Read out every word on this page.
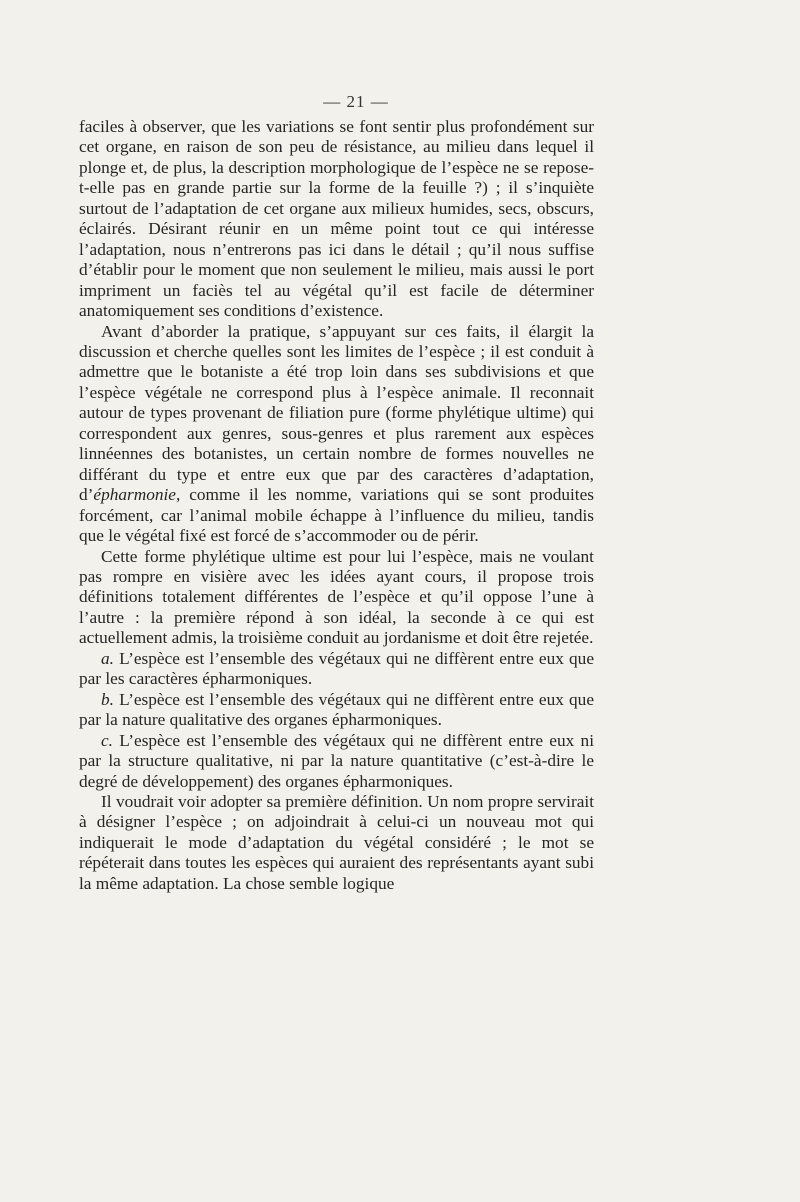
— 21 —

faciles à observer, que les variations se font sentir plus profondément sur cet organe, en raison de son peu de résistance, au milieu dans lequel il plonge et, de plus, la description morphologique de l’espèce ne se repose-t-elle pas en grande partie sur la forme de la feuille ?) ; il s’inquiète surtout de l’adaptation de cet organe aux milieux humides, secs, obscurs, éclairés. Désirant réunir en un même point tout ce qui intéresse l’adaptation, nous n’entrerons pas ici dans le détail ; qu’il nous suffise d’établir pour le moment que non seulement le milieu, mais aussi le port impriment un faciès tel au végétal qu’il est facile de déterminer anatomiquement ses conditions d’existence.

Avant d’aborder la pratique, s’appuyant sur ces faits, il élargit la discussion et cherche quelles sont les limites de l’espèce ; il est conduit à admettre que le botaniste a été trop loin dans ses subdivisions et que l’espèce végétale ne correspond plus à l’espèce animale. Il reconnait autour de types provenant de filiation pure (forme phylétique ultime) qui correspondent aux genres, sous-genres et plus rarement aux espèces linnéennes des botanistes, un certain nombre de formes nouvelles ne différant du type et entre eux que par des caractères d’adaptation, d’épharmonie, comme il les nomme, variations qui se sont produites forcément, car l’animal mobile échappe à l’influence du milieu, tandis que le végétal fixé est forcé de s’accommoder ou de périr.

Cette forme phylétique ultime est pour lui l’espèce, mais ne voulant pas rompre en visière avec les idées ayant cours, il propose trois définitions totalement différentes de l’espèce et qu’il oppose l’une à l’autre : la première répond à son idéal, la seconde à ce qui est actuellement admis, la troisième conduit au jordanisme et doit être rejetée.

a. L’espèce est l’ensemble des végétaux qui ne diffèrent entre eux que par les caractères épharmoniques.

b. L’espèce est l’ensemble des végétaux qui ne diffèrent entre eux que par la nature qualitative des organes épharmoniques.

c. L’espèce est l’ensemble des végétaux qui ne diffèrent entre eux ni par la structure qualitative, ni par la nature quantitative (c’est-à-dire le degré de développement) des organes épharmoniques.

Il voudrait voir adopter sa première définition. Un nom propre servirait à désigner l’espèce ; on adjoindrait à celui-ci un nouveau mot qui indiquerait le mode d’adaptation du végétal considéré ; le mot se répéterait dans toutes les espèces qui auraient des représentants ayant subi la même adaptation. La chose semble logique
